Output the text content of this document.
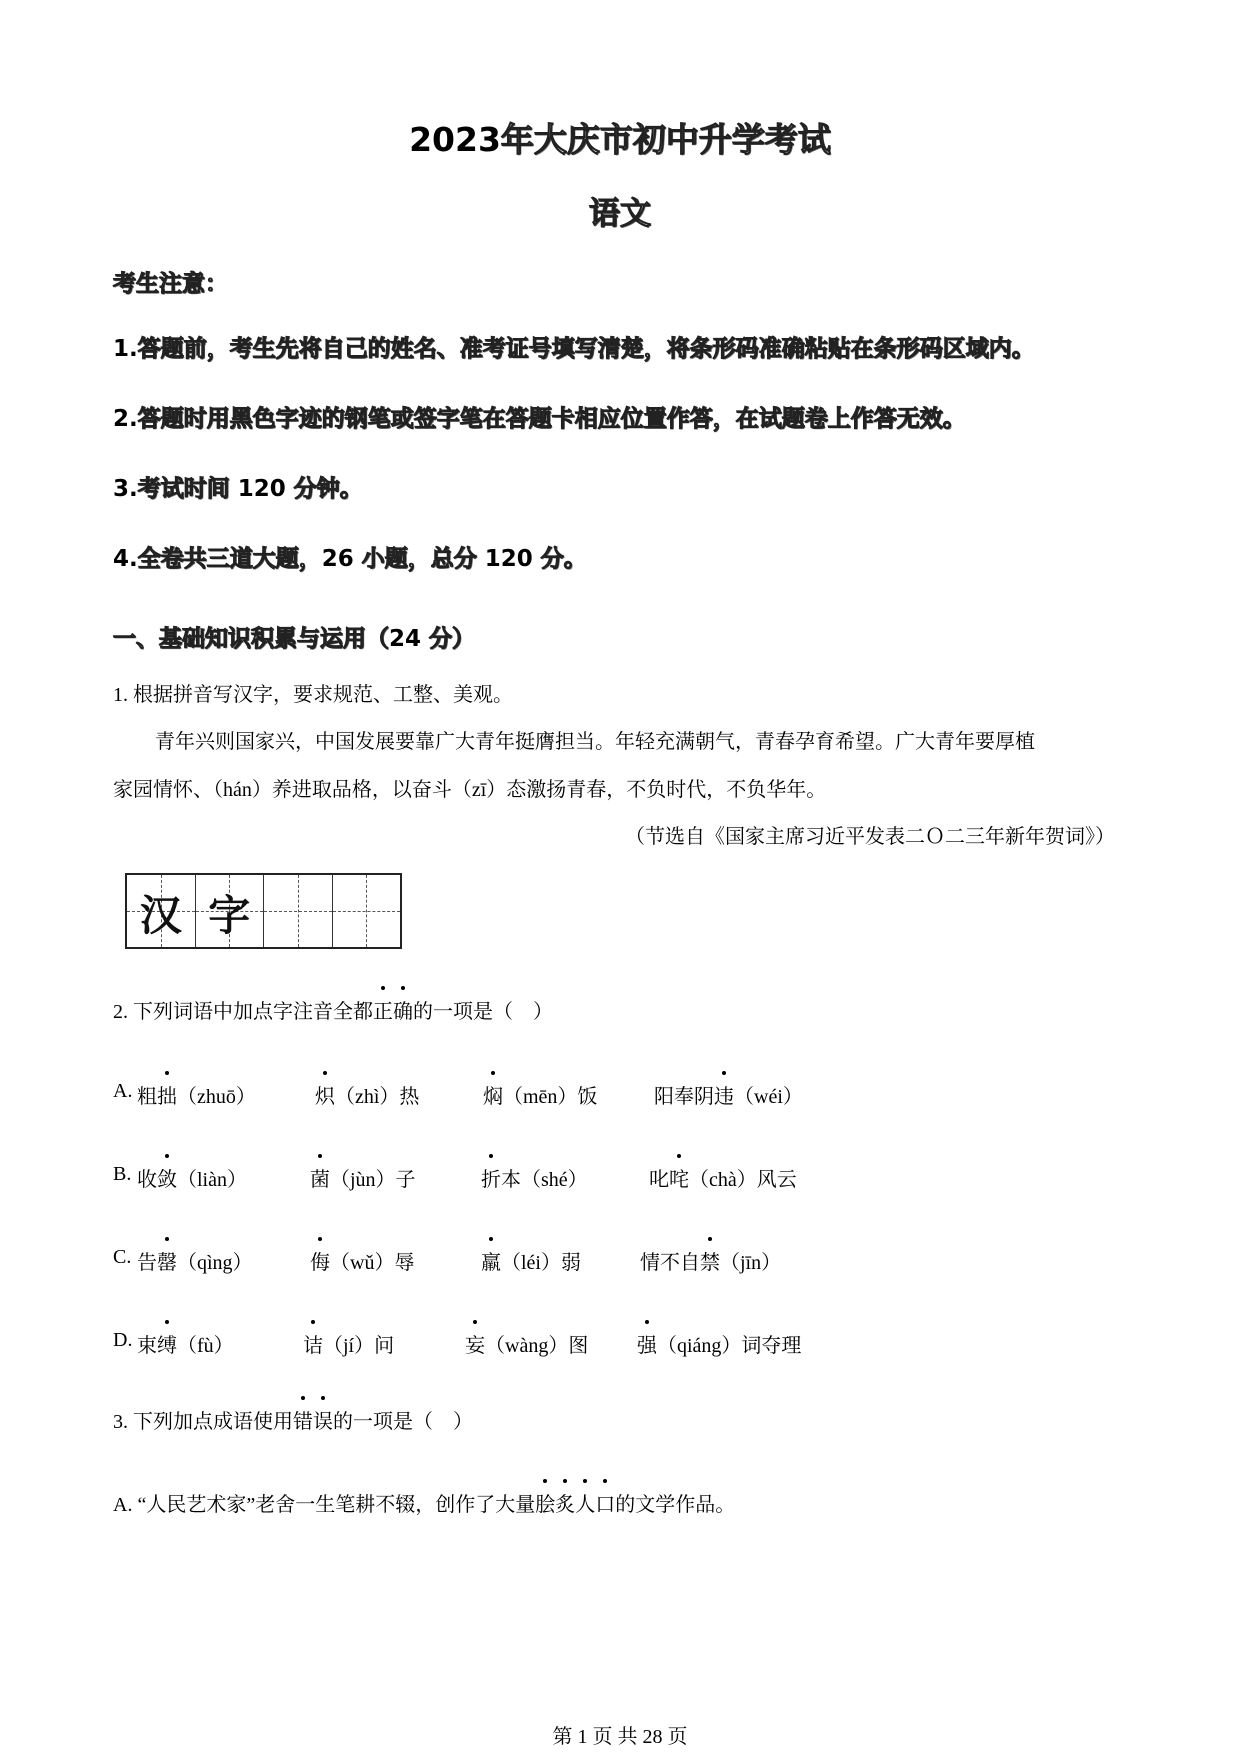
2023年大庆市初中升学考试
语文
考生注意：
1.答题前，考生先将自己的姓名、准考证号填写清楚，将条形码准确粘贴在条形码区域内。
2.答题时用黑色字迹的钢笔或签字笔在答题卡相应位置作答，在试题卷上作答无效。
3.考试时间 120 分钟。
4.全卷共三道大题，26 小题，总分 120 分。
一、基础知识积累与运用（24 分）
1. 根据拼音写汉字，要求规范、工整、美观。
青年兴则国家兴，中国发展要靠广大青年挺膺担当。年轻充满朝气，青春孕育希望。广大青年要厚植
家园情怀、（hán）养进取品格，以奋斗（zī）态激扬青春，不负时代，不负华年。
（节选自《国家主席习近平发表二Ｏ二三年新年贺词》）
汉 字
2. 下列词语中加点字注音全都正确的一项是（　）
A. 粗拙（zhuō）	炽（zhì）热	焖（mēn）饭	阳奉阴违（wéi）
B. 收敛（liàn）	菌（jùn）子	折本（shé）	叱咤（chà）风云
C. 告罄（qìng）	侮（wǔ）辱	羸（léi）弱	情不自禁（jīn）
D. 束缚（fù）	诘（jí）问	妄（wàng）图 强（qiáng）词夺理
3. 下列加点成语使用错误的一项是（　）
A. “人民艺术家”老舍一生笔耕不辍，创作了大量脍炙人口的文学作品。
第 1 页 共 28 页
